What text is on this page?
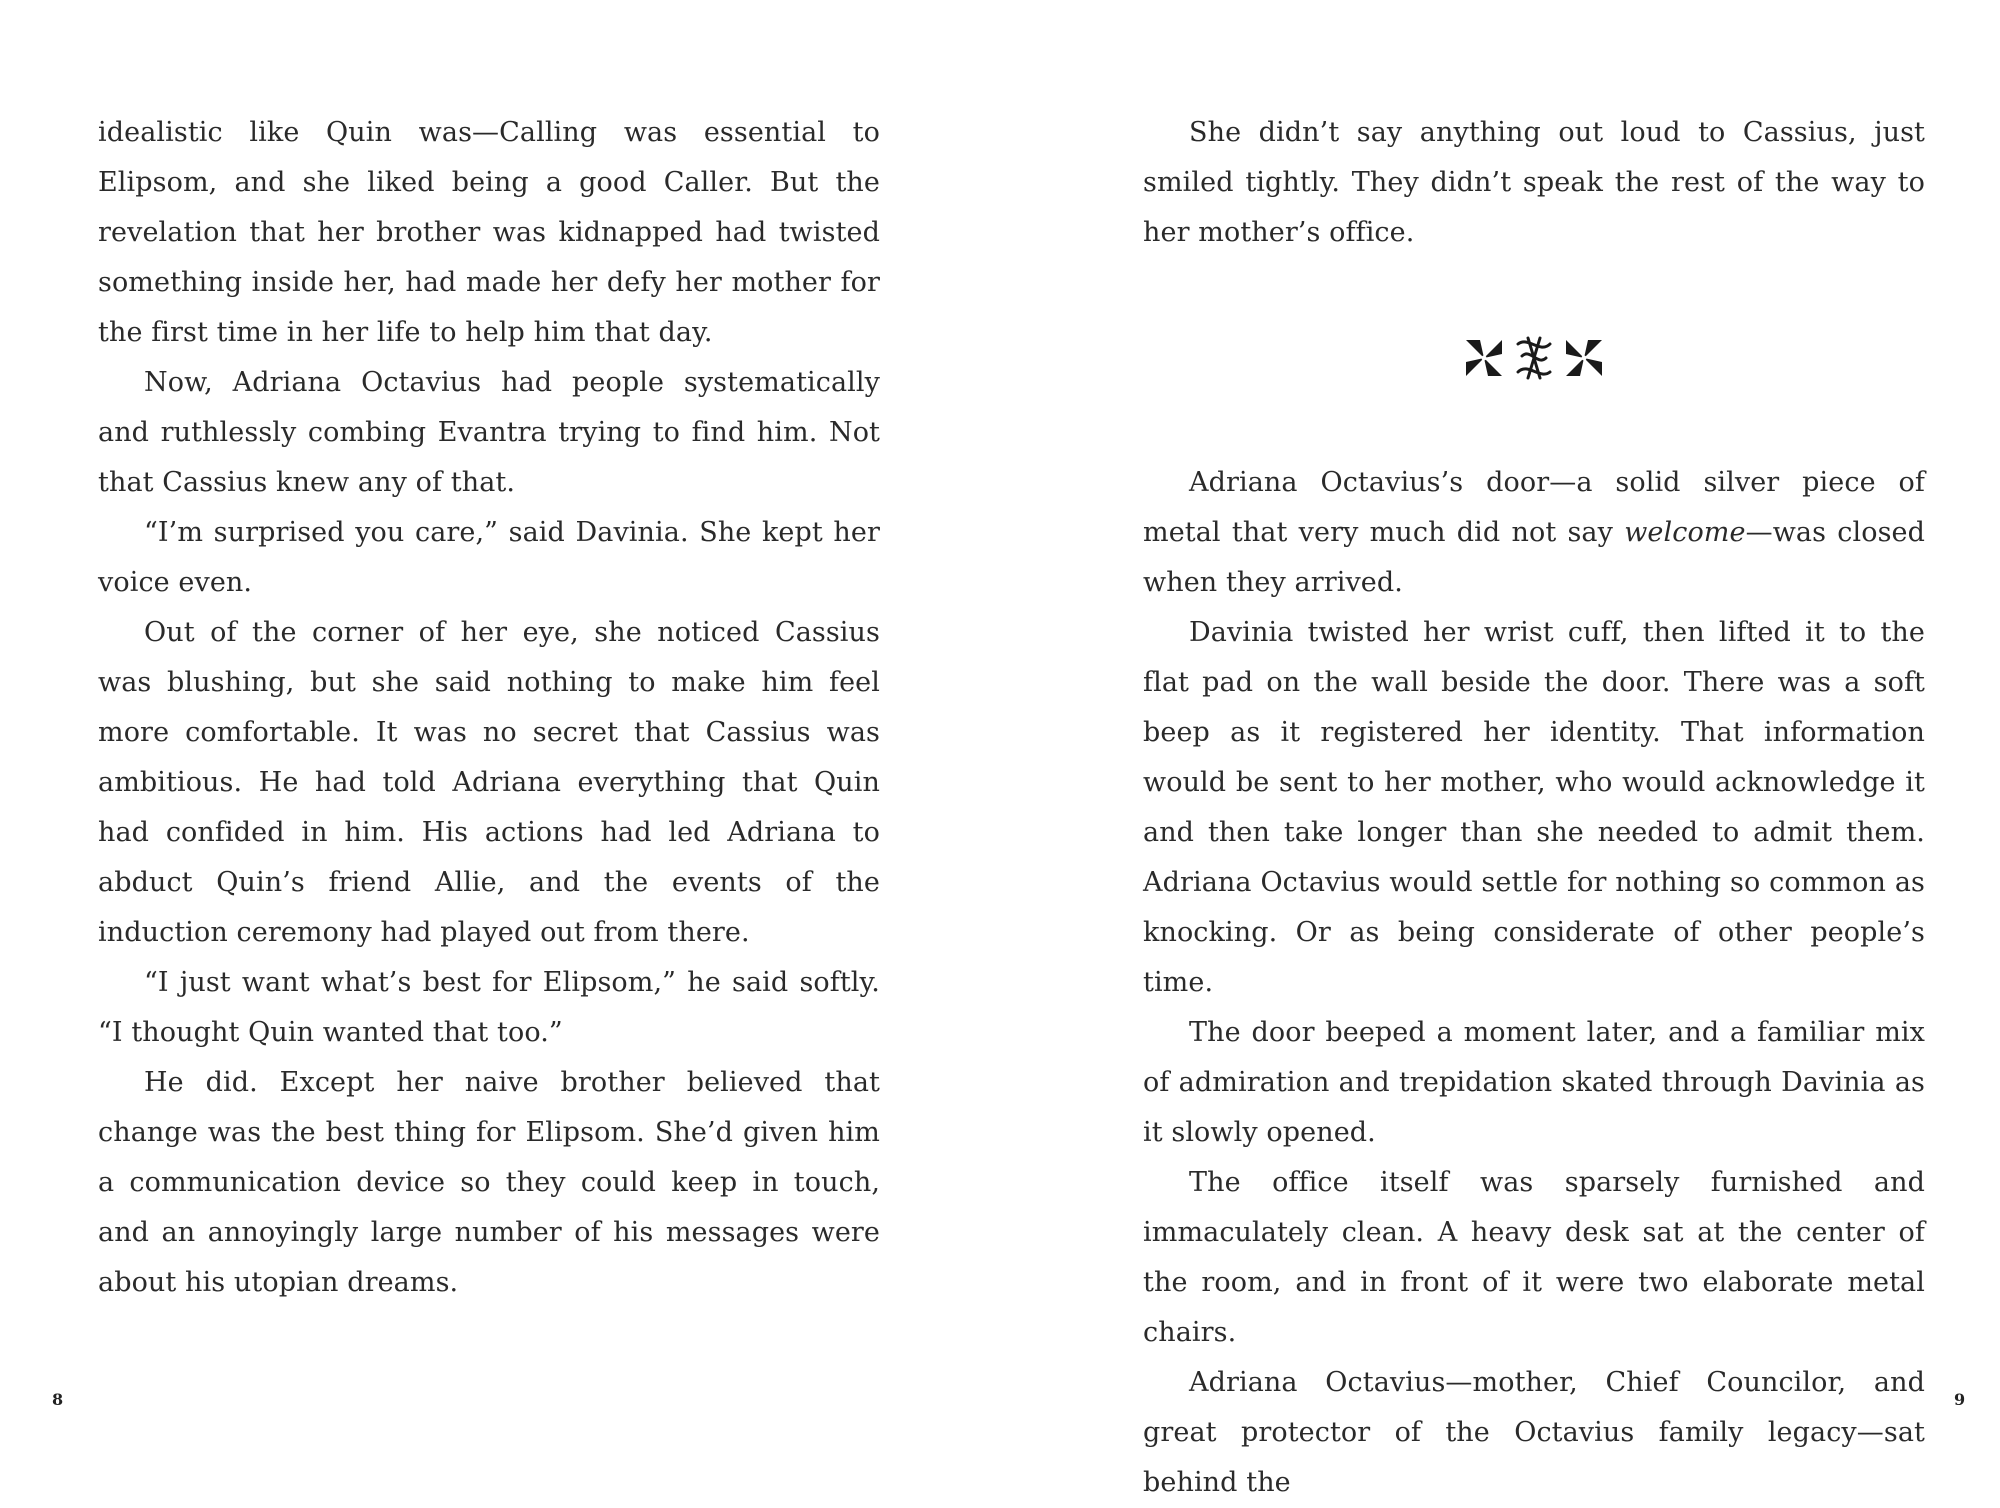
idealistic like Quin was—Calling was essential to Elipsom, and she liked being a good Caller. But the revelation that her brother was kidnapped had twisted something inside her, had made her defy her mother for the first time in her life to help him that day.

Now, Adriana Octavius had people systematically and ruthlessly combing Evantra trying to find him. Not that Cassius knew any of that.

“I’m surprised you care,” said Davinia. She kept her voice even.

Out of the corner of her eye, she noticed Cassius was blushing, but she said nothing to make him feel more comfortable. It was no secret that Cassius was ambitious. He had told Adriana everything that Quin had confided in him. His actions had led Adriana to abduct Quin’s friend Allie, and the events of the induction ceremony had played out from there.

“I just want what’s best for Elipsom,” he said softly. “I thought Quin wanted that too.”

He did. Except her naive brother believed that change was the best thing for Elipsom. She’d given him a communication device so they could keep in touch, and an annoyingly large number of his messages were about his utopian dreams.

8

She didn’t say anything out loud to Cassius, just smiled tightly. They didn’t speak the rest of the way to her mother’s office.

Adriana Octavius’s door—a solid silver piece of metal that very much did not say welcome—was closed when they arrived.

Davinia twisted her wrist cuff, then lifted it to the flat pad on the wall beside the door. There was a soft beep as it registered her identity. That information would be sent to her mother, who would acknowledge it and then take longer than she needed to admit them. Adriana Octavius would settle for nothing so common as knocking. Or as being considerate of other people’s time.

The door beeped a moment later, and a familiar mix of admiration and trepidation skated through Davinia as it slowly opened.

The office itself was sparsely furnished and immaculately clean. A heavy desk sat at the center of the room, and in front of it were two elaborate metal chairs.

Adriana Octavius—mother, Chief Councilor, and great protector of the Octavius family legacy—sat behind the

9
